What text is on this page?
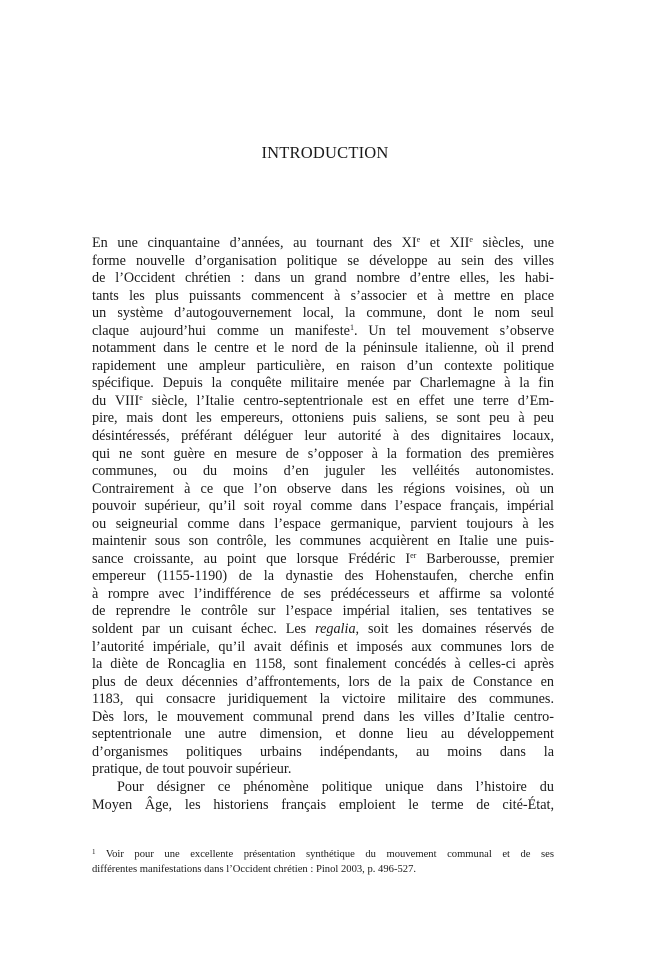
INTRODUCTION
En une cinquantaine d’années, au tournant des XIe et XIIe siècles, une
forme nouvelle d’organisation politique se développe au sein des villes
de l’Occident chrétien : dans un grand nombre d’entre elles, les habi-
tants les plus puissants commencent à s’associer et à mettre en place
un système d’autogouvernement local, la commune, dont le nom seul
claque aujourd’hui comme un manifeste$^1$. Un tel mouvement s’observe
notamment dans le centre et le nord de la péninsule italienne, où il prend
rapidement une ampleur particulière, en raison d’un contexte politique
spécifique. Depuis la conquête militaire menée par Charlemagne à la fin
du VIIIe siècle, l’Italie centro-septentrionale est en effet une terre d’Em-
pire, mais dont les empereurs, ottoniens puis saliens, se sont peu à peu
désintéressés, préférant déléguer leur autorité à des dignitaires locaux,
qui ne sont guère en mesure de s’opposer à la formation des premières
communes, ou du moins d’en juguler les velléités autonomistes.
Contrairement à ce que l’on observe dans les régions voisines, où un
pouvoir supérieur, qu’il soit royal comme dans l’espace français, impérial
ou seigneurial comme dans l’espace germanique, parvient toujours à les
maintenir sous son contrôle, les communes acquièrent en Italie une puis-
sance croissante, au point que lorsque Frédéric Ier Barberousse, premier
empereur (1155-1190) de la dynastie des Hohenstaufen, cherche enfin
à rompre avec l’indifférence de ses prédécesseurs et affirme sa volonté
de reprendre le contrôle sur l’espace impérial italien, ses tentatives se
soldent par un cuisant échec. Les regalia, soit les domaines réservés de
l’autorité impériale, qu’il avait définis et imposés aux communes lors de
la diète de Roncaglia en 1158, sont finalement concédés à celles-ci après
plus de deux décennies d’affrontements, lors de la paix de Constance en
1183, qui consacre juridiquement la victoire militaire des communes.
Dès lors, le mouvement communal prend dans les villes d’Italie centro-
septentrionale une autre dimension, et donne lieu au développement
d’organismes politiques urbains indépendants, au moins dans la
pratique, de tout pouvoir supérieur.
Pour désigner ce phénomène politique unique dans l’histoire du
Moyen Âge, les historiens français emploient le terme de cité-État,
$^1$ Voir pour une excellente présentation synthétique du mouvement communal et de ses
différentes manifestations dans l’Occident chrétien : Pinol 2003, p. 496-527.
